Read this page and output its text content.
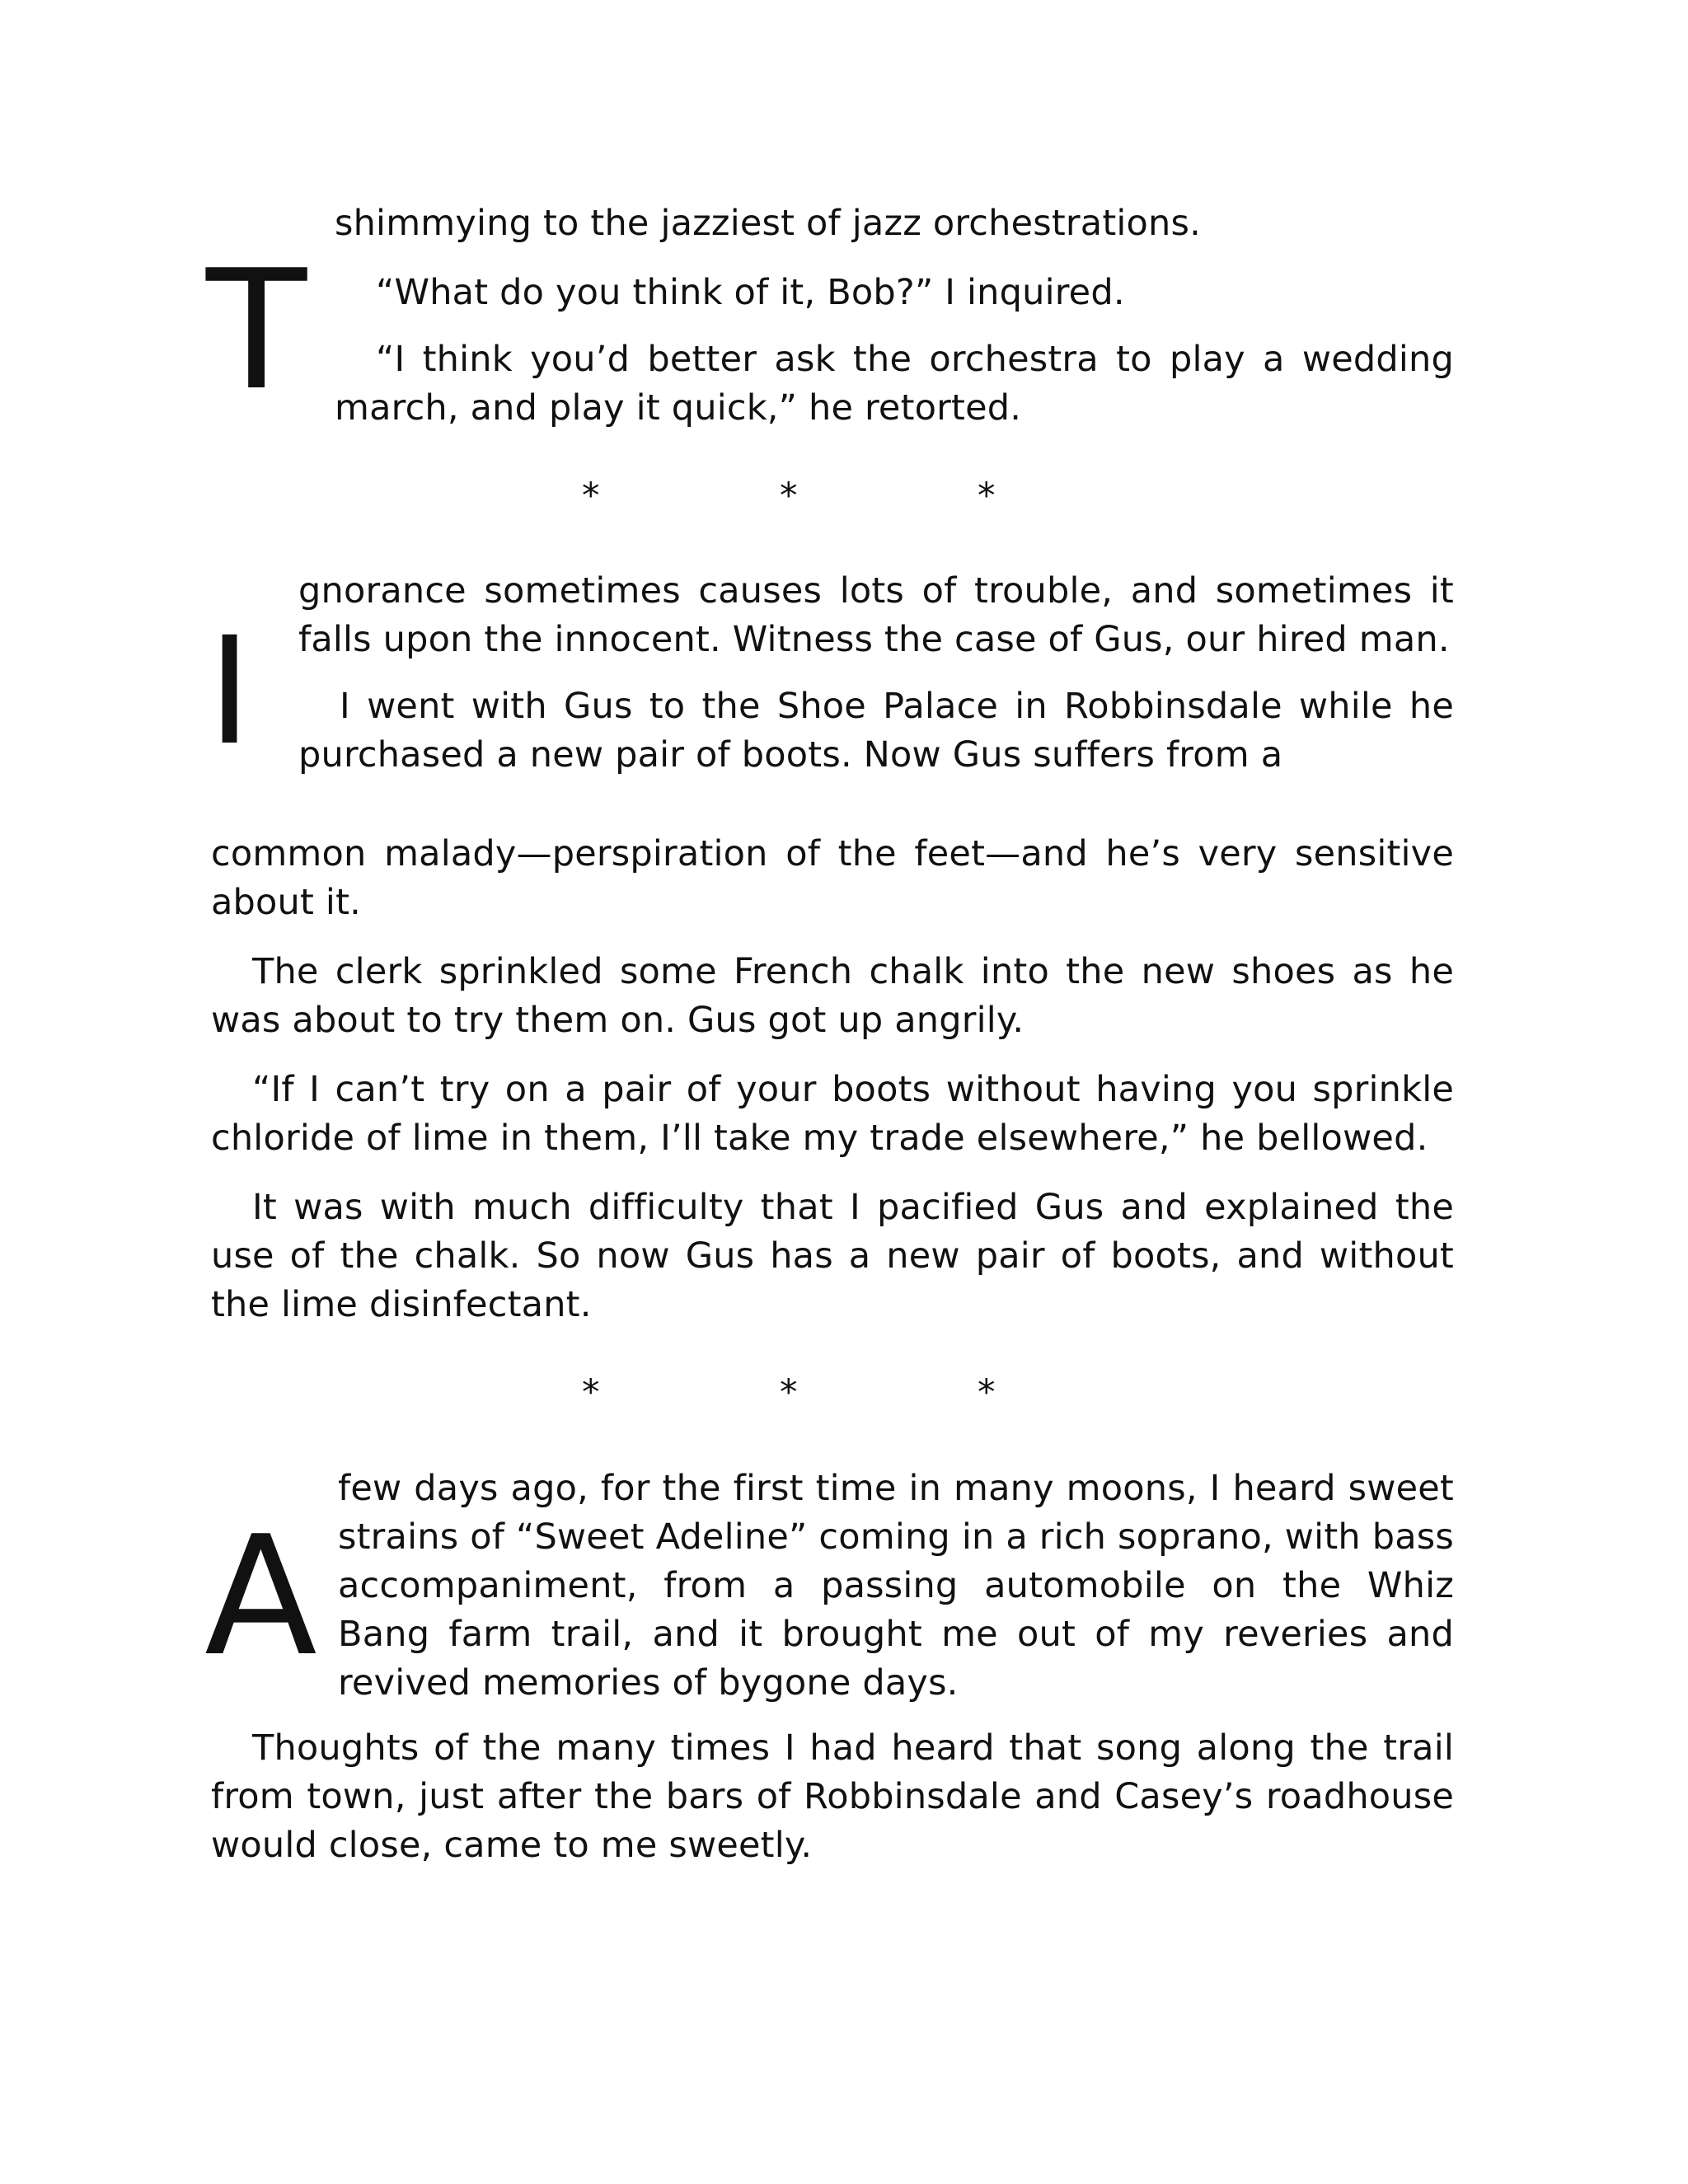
T

shimmying to the jazziest of jazz orchestrations.

“What do you think of it, Bob?” I inquired.

“I think you’d better ask the orchestra to play a wedding march, and play it quick,” he retorted.

*	*	*
I

gnorance sometimes causes lots of trouble, and sometimes it falls upon the innocent. Witness the case of Gus, our hired man.

I went with Gus to the Shoe Palace in Robbinsdale while he purchased a new pair of boots. Now Gus suffers from a

common malady—perspiration of the feet—and he’s very sensitive about it.

The clerk sprinkled some French chalk into the new shoes as he was about to try them on. Gus got up angrily.

“If I can’t try on a pair of your boots without having you sprinkle chloride of lime in them, I’ll take my trade elsewhere,” he bellowed.

It was with much difficulty that I pacified Gus and explained the use of the chalk. So now Gus has a new pair of boots, and without the lime disinfectant.

*	*	*
A

few days ago, for the first time in many moons, I heard sweet strains of “Sweet Adeline” coming in a rich soprano, with bass accompaniment, from a passing automobile on the Whiz Bang farm trail, and it brought me out of my reveries and revived memories of bygone days.

Thoughts of the many times I had heard that song along the trail from town, just after the bars of Robbinsdale and Casey’s roadhouse would close, came to me sweetly.
